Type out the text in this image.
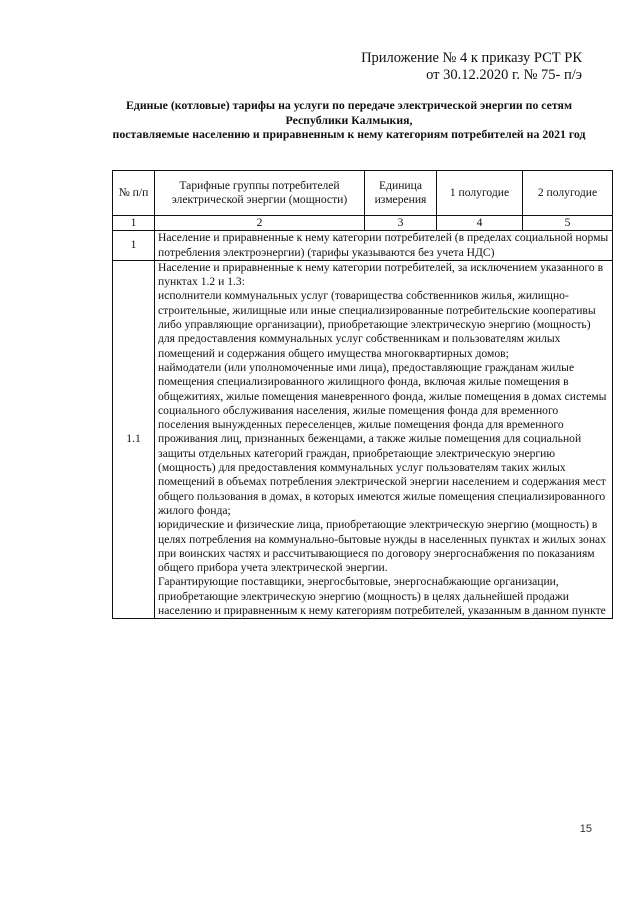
Приложение № 4 к приказу РСТ РК
от 30.12.2020 г. № 75- п/э
Единые (котловые) тарифы на услуги по передаче электрической энергии по сетям Республики Калмыкия,
поставляемые населению и приравненным к нему категориям потребителей на 2021 год
№ п/п	Тарифные группы потребителей электрической энергии (мощности)	Единица измерения	1 полугодие	2 полугодие
1	2	3	4	5
1	Население и приравненные к нему категории потребителей (в пределах социальной нормы потребления электроэнергии) (тарифы указываются без учета НДС)			

1.1	Население и приравненные к нему категории потребителей, за исключением указанного в пунктах 1.2 и 1.3:

исполнители коммунальных услуг (товарищества собственников жилья, жилищно-строительные, жилищные или иные специализированные потребительские кооперативы либо управляющие организации), приобретающие электрическую энергию (мощность) для предоставления коммунальных услуг собственникам и пользователям жилых помещений и содержания общего имущества многоквартирных домов;

наймодатели (или уполномоченные ими лица), предоставляющие гражданам жилые помещения специализированного жилищного фонда, включая жилые помещения в общежитиях, жилые помещения маневренного фонда, жилые помещения в домах системы социального обслуживания населения, жилые помещения фонда для временного поселения вынужденных переселенцев, жилые помещения фонда для временного проживания лиц, признанных беженцами, а также жилые помещения для социальной защиты отдельных категорий граждан, приобретающие электрическую энергию (мощность) для предоставления коммунальных услуг пользователям таких жилых помещений в объемах потребления электрической энергии населением и содержания мест общего пользования в домах, в которых имеются жилые помещения специализированного жилого фонда;

юридические и физические лица, приобретающие электрическую энергию (мощность) в целях потребления на коммунально-бытовые нужды в населенных пунктах и жилых зонах при воинских частях и рассчитывающиеся по договору энергоснабжения по показаниям общего прибора учета электрической энергии.

Гарантирующие поставщики, энергосбытовые, энергоснабжающие организации, приобретающие электрическую энергию (мощность) в целях дальнейшей продажи населению и приравненным к нему категориям потребителей, указанным в данном пункте			

15
